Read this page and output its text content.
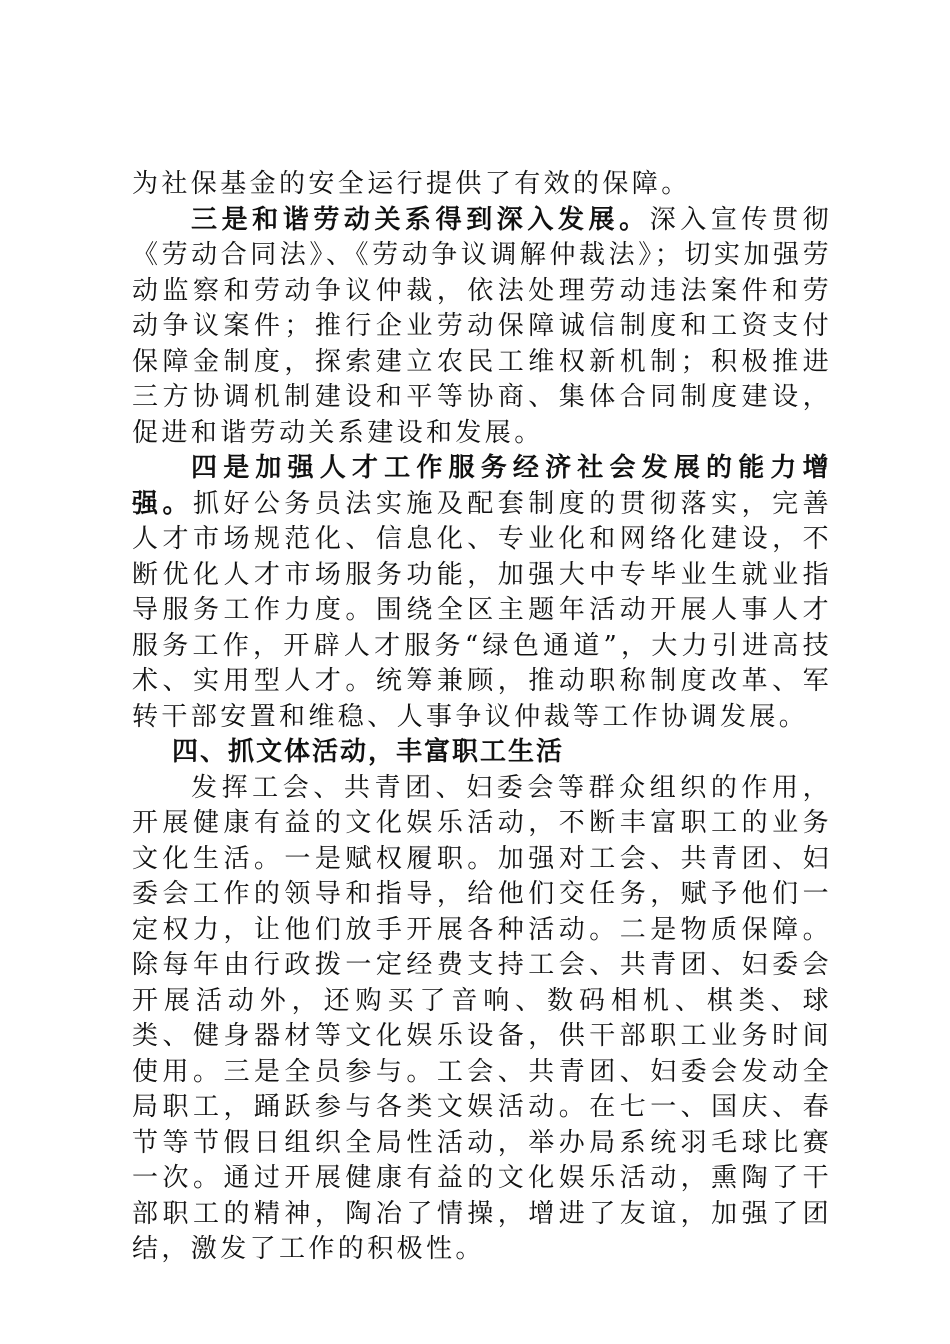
为社保基金的安全运行提供了有效的保障。

三是和谐劳动关系得到深入发展。深入宣传贯彻《劳动合同法》、《劳动争议调解仲裁法》；切实加强劳动监察和劳动争议仲裁，依法处理劳动违法案件和劳动争议案件；推行企业劳动保障诚信制度和工资支付保障金制度，探索建立农民工维权新机制；积极推进三方协调机制建设和平等协商、集体合同制度建设，促进和谐劳动关系建设和发展。

四是加强人才工作服务经济社会发展的能力增强。抓好公务员法实施及配套制度的贯彻落实，完善人才市场规范化、信息化、专业化和网络化建设，不断优化人才市场服务功能，加强大中专毕业生就业指导服务工作力度。围绕全区主题年活动开展人事人才服务工作，开辟人才服务“绿色通道”，大力引进高技术、实用型人才。统筹兼顾，推动职称制度改革、军转干部安置和维稳、人事争议仲裁等工作协调发展。

四、抓文体活动，丰富职工生活

发挥工会、共青团、妇委会等群众组织的作用，开展健康有益的文化娱乐活动，不断丰富职工的业务文化生活。一是赋权履职。加强对工会、共青团、妇委会工作的领导和指导，给他们交任务，赋予他们一定权力，让他们放手开展各种活动。二是物质保障。除每年由行政拨一定经费支持工会、共青团、妇委会开展活动外，还购买了音响、数码相机、棋类、球类、健身器材等文化娱乐设备，供干部职工业务时间使用。三是全员参与。工会、共青团、妇委会发动全局职工，踊跃参与各类文娱活动。在七一、国庆、春节等节假日组织全局性活动，举办局系统羽毛球比赛一次。通过开展健康有益的文化娱乐活动，熏陶了干部职工的精神，陶冶了情操，增进了友谊，加强了团结，激发了工作的积极性。
